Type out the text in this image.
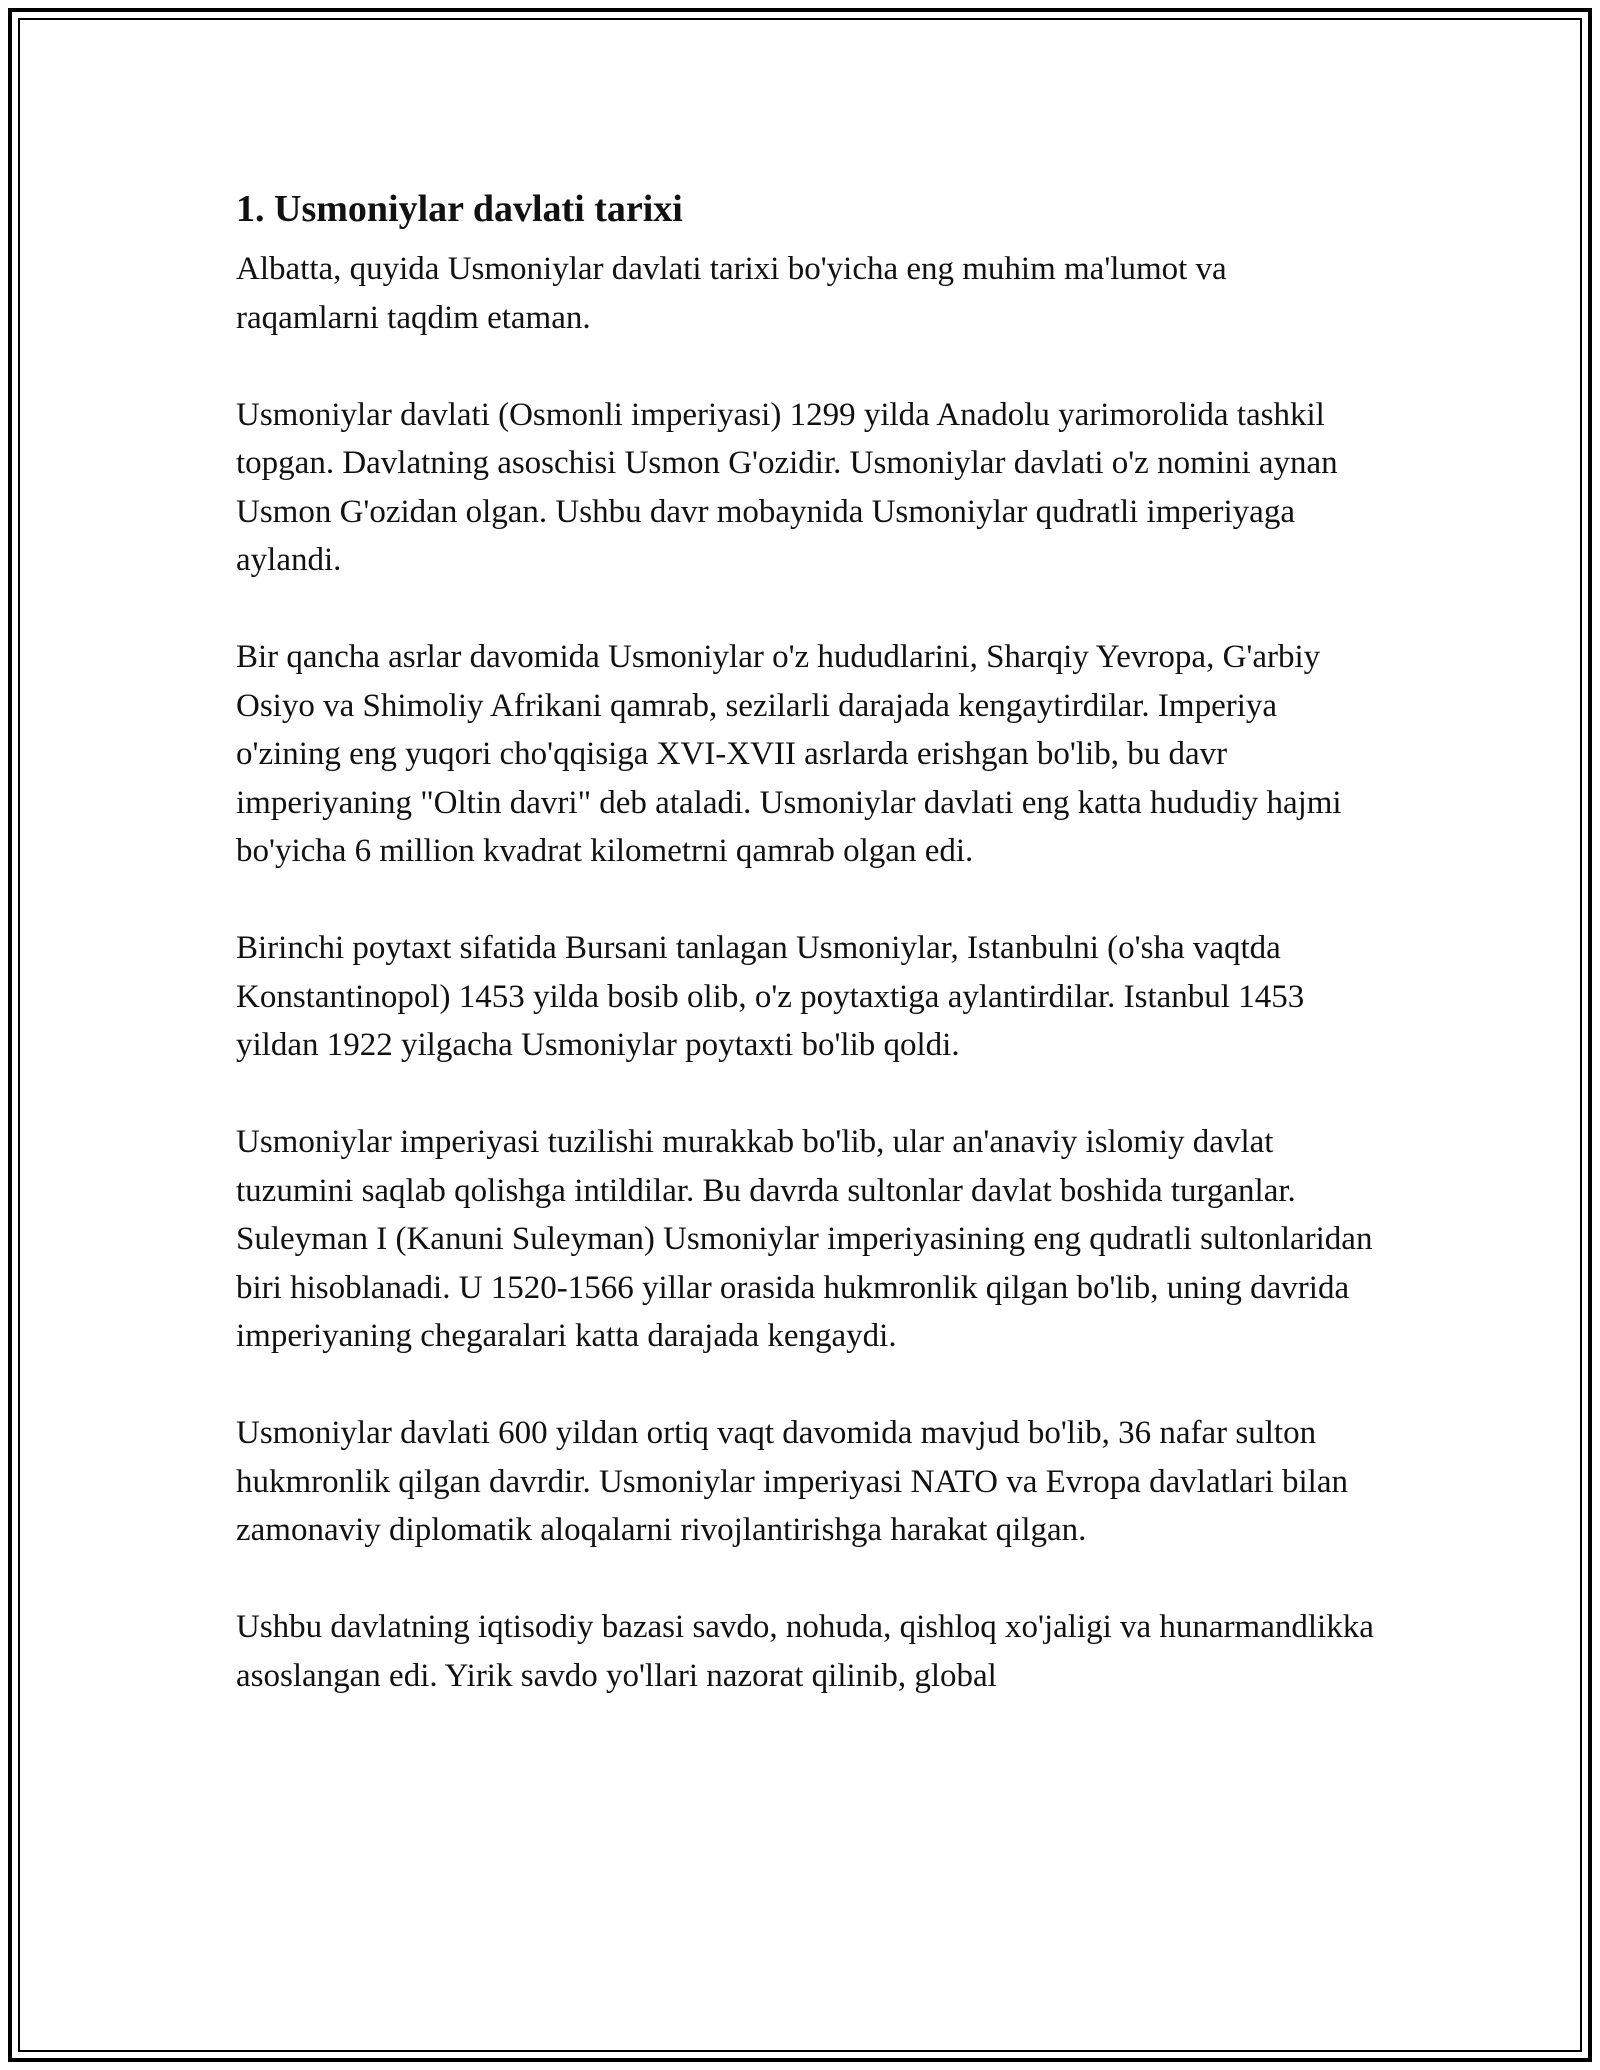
1. Usmoniylar davlati tarixi

Albatta, quyida Usmoniylar davlati tarixi bo'yicha eng muhim ma'lumot va raqamlarni taqdim etaman.

Usmoniylar davlati (Osmonli imperiyasi) 1299 yilda Anadolu yarimorolida tashkil topgan. Davlatning asoschisi Usmon G'ozidir. Usmoniylar davlati o'z nomini aynan Usmon G'ozidan olgan. Ushbu davr mobaynida Usmoniylar qudratli imperiyaga aylandi.

Bir qancha asrlar davomida Usmoniylar o'z hududlarini, Sharqiy Yevropa, G'arbiy Osiyo va Shimoliy Afrikani qamrab, sezilarli darajada kengaytirdilar. Imperiya o'zining eng yuqori cho'qqisiga XVI-XVII asrlarda erishgan bo'lib, bu davr imperiyaning "Oltin davri" deb ataladi. Usmoniylar davlati eng katta hududiy hajmi bo'yicha 6 million kvadrat kilometrni qamrab olgan edi.

Birinchi poytaxt sifatida Bursani tanlagan Usmoniylar, Istanbulni (o'sha vaqtda Konstantinopol) 1453 yilda bosib olib, o'z poytaxtiga aylantirdilar. Istanbul 1453 yildan 1922 yilgacha Usmoniylar poytaxti bo'lib qoldi.

Usmoniylar imperiyasi tuzilishi murakkab bo'lib, ular an'anaviy islomiy davlat tuzumini saqlab qolishga intildilar. Bu davrda sultonlar davlat boshida turganlar. Suleyman I (Kanuni Suleyman) Usmoniylar imperiyasining eng qudratli sultonlaridan biri hisoblanadi. U 1520-1566 yillar orasida hukmronlik qilgan bo'lib, uning davrida imperiyaning chegaralari katta darajada kengaydi.

Usmoniylar davlati 600 yildan ortiq vaqt davomida mavjud bo'lib, 36 nafar sulton hukmronlik qilgan davrdir. Usmoniylar imperiyasi NATO va Evropa davlatlari bilan zamonaviy diplomatik aloqalarni rivojlantirishga harakat qilgan.

Ushbu davlatning iqtisodiy bazasi savdo, nohuda, qishloq xo'jaligi va hunarmandlikka asoslangan edi. Yirik savdo yo'llari nazorat qilinib, global
